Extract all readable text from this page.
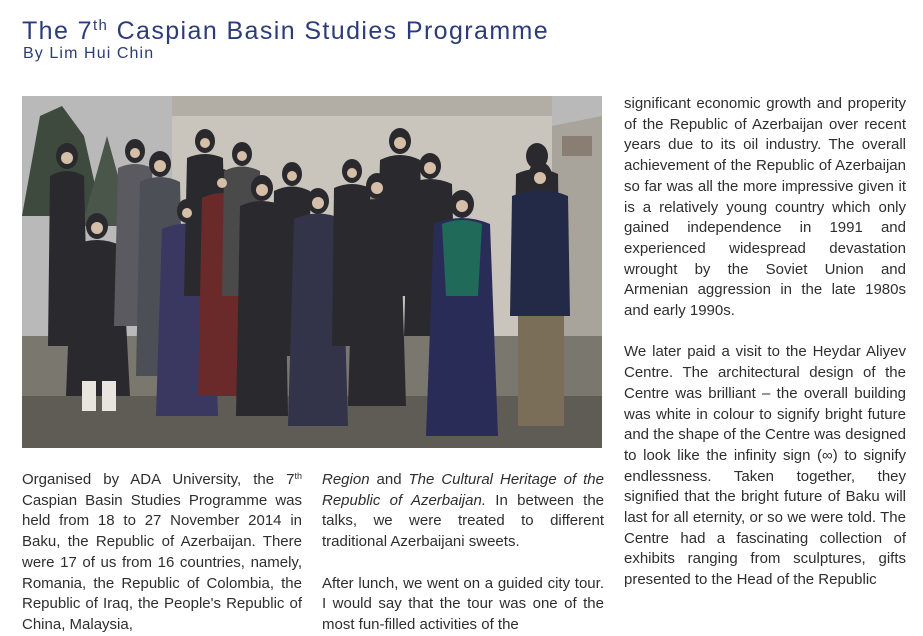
The 7th Caspian Basin Studies Programme
By Lim Hui Chin

Organised by ADA University, the 7th Caspian Basin Studies Programme was held from 18 to 27 November 2014 in Baku, the Republic of Azerbaijan. There were 17 of us from 16 countries, namely, Romania, the Republic of Colombia, the Republic of Iraq, the People's Republic of China, Malaysia,

Region and The Cultural Heritage of the Republic of Azerbaijan. In between the talks, we were treated to different traditional Azerbaijani sweets.

After lunch, we went on a guided city tour. I would say that the tour was one of the most fun-filled activities of the

significant economic growth and properity of the Republic of Azerbaijan over recent years due to its oil industry. The overall achievement of the Republic of Azerbaijan so far was all the more impressive given it is a relatively young country which only gained independence in 1991 and experienced widespread devastation wrought by the Soviet Union and Armenian aggression in the late 1980s and early 1990s.

We later paid a visit to the Heydar Aliyev Centre. The architectural design of the Centre was brilliant – the overall building was white in colour to signify bright future and the shape of the Centre was designed to look like the infinity sign (∞) to signify endlessness. Taken together, they signified that the bright future of Baku will last for all eternity, or so we were told. The Centre had a fascinating collection of exhibits ranging from sculptures, gifts presented to the Head of the Republic
